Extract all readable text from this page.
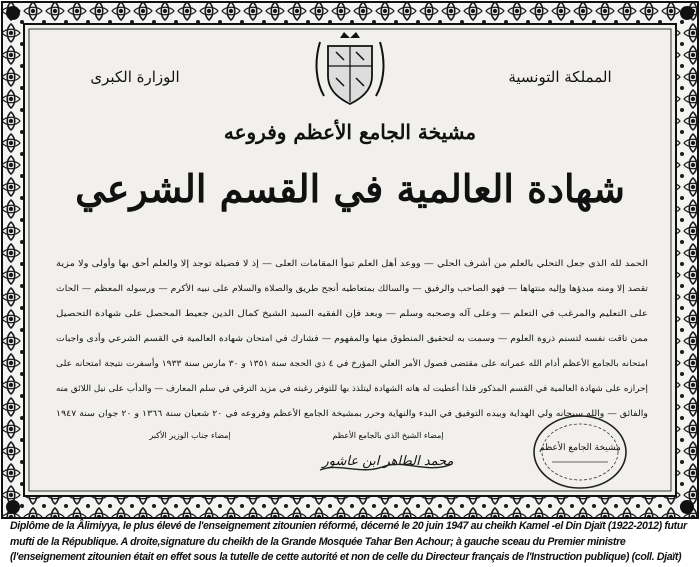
المملكة التونسية
الوزارة الكبرى
مشيخة الجامع الأعظم وفروعه
شهادة العالمية في القسم الشرعي
الحمد لله الذي جعل التحلي بالعلم من أشرف الحلي — ووعد أهل العلم تبوأ المقامات العلى — إذ لا فضيلة توجد إلا والعلم أحق بها وأولى ولا مزية
تقصد إلا ومنه مبدؤها وإليه منتهاها — فهو الصاحب والرفيق — والسالك بمتعاطيه أنجح طريق والصلاة والسلام على نبيه الأكرم — ورسوله المعظم — الحاث
على التعليم والمرغب في التعلم — وعلى آله وصحبه وسلم — وبعد فإن الفقيه السيد الشيخ كمال الدين جعيط المحصل على شهادة التحصيل
ممن تاقت نفسه لتسنم ذروة العلوم — وسمت به لتحقيق المنطوق منها والمفهوم — فشارك في امتحان شهادة العالمية في القسم الشرعي وأدى واجبات
امتحانه بالجامع الأعظم أدام الله عمرانه على مقتضى فصول الأمر العلي المؤرخ في ٤ ذي الحجة سنة ١٣٥١ و ٣٠ مارس سنة ١٩٣٣ وأسفرت نتيجة امتحانه على
إحرازه على شهادة العالمية في القسم المذكور فلذا أعطيت له هاته الشهادة ليتلذذ بها للتوفر رغبته في مزيد الترقي في سلم المعارف — والدأب على نيل اللائق منه
والفائق — والله سبحانه ولي الهداية وبيده التوفيق في البدء والنهاية وحرر بمشيخة الجامع الأعظم وفروعه في ٢٠ شعبان سنة ١٣٦٦ و ٢٠ جوان سنة ١٩٤٧
إمضاء جناب الوزير الأكبر	إمضاء الشيخ الذي بالجامع الأعظم
محمد الطاهر ابن عاشور
مشيخة الجامع الأعظم
Diplôme de la Âlimiyya, le plus élevé de l'enseignement zitounien réformé, décerné le 20 juin 1947 au cheikh Kamel -el Din Djaït (1922-2012) futur mufti de la République. A droite,signature du cheikh de la Grande Mosquée Tahar Ben Achour; à gauche sceau du Premier ministre (l'enseignement zitounien était en effet sous la tutelle de cette autorité et non de celle du Directeur français de l'Instruction publique) (coll. Djaït)
